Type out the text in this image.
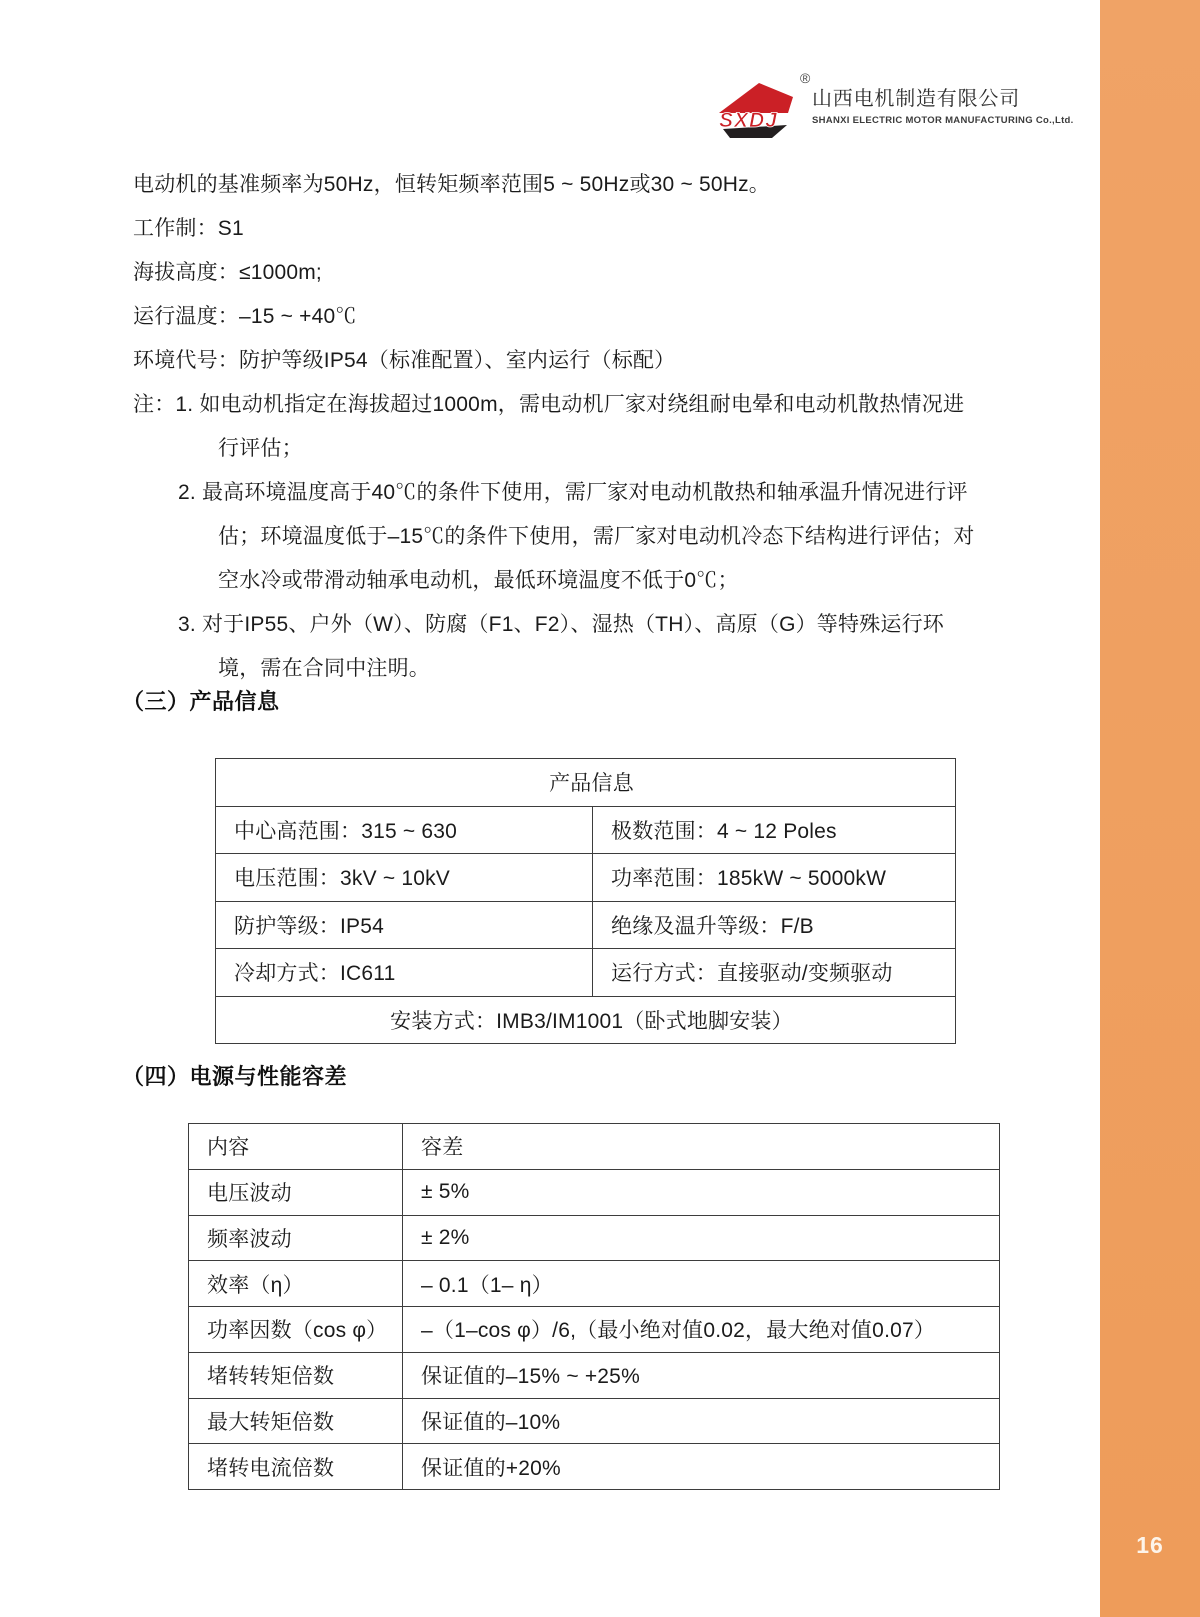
16
SXDJ
®
山西电机制造有限公司
SHANXI ELECTRIC MOTOR MANUFACTURING Co.,Ltd.

电动机的基准频率为50Hz，恒转矩频率范围5 ~ 50Hz或30 ~ 50Hz。

工作制：S1

海拔高度：≤1000m;

运行温度：–15 ~ +40℃

环境代号：防护等级IP54（标准配置）、室内运行（标配）

注：1. 如电动机指定在海拔超过1000m，需电动机厂家对绕组耐电晕和电动机散热情况进

行评估；

2. 最高环境温度高于40℃的条件下使用，需厂家对电动机散热和轴承温升情况进行评

估；环境温度低于–15℃的条件下使用，需厂家对电动机冷态下结构进行评估；对

空水冷或带滑动轴承电动机，最低环境温度不低于0℃；

3. 对于IP55、户外（W）、防腐（F1、F2）、湿热（TH）、高原（G）等特殊运行环

境，需在合同中注明。

（三）产品信息
产品信息	
中心高范围：315 ~ 630	极数范围：4 ~ 12 Poles
电压范围：3kV ~ 10kV	功率范围：185kW ~ 5000kW
防护等级：IP54	绝缘及温升等级：F/B
冷却方式：IC611	运行方式：直接驱动/变频驱动
安装方式：IMB3/IM1001（卧式地脚安装）	
（四）电源与性能容差
内容	容差
电压波动	± 5%
频率波动	± 2%
效率（η）	– 0.1（1– η）
功率因数（cos φ）	–（1–cos φ）/6,（最小绝对值0.02，最大绝对值0.07）
堵转转矩倍数	保证值的–15% ~ +25%
最大转矩倍数	保证值的–10%
堵转电流倍数	保证值的+20%
